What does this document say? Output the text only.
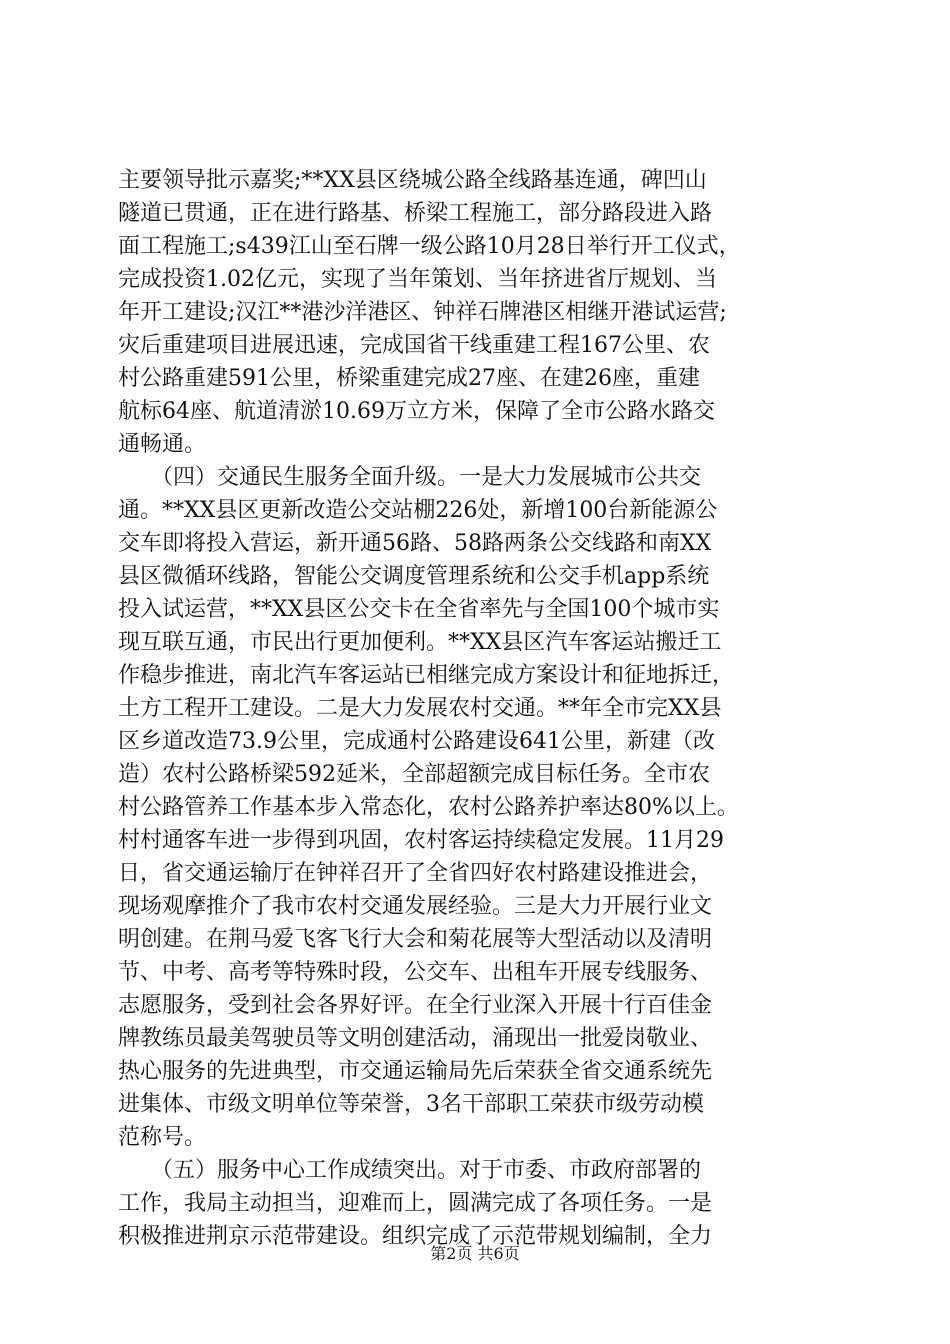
主要领导批示嘉奖;**XX县区绕城公路全线路基连通，碑凹山
隧道已贯通，正在进行路基、桥梁工程施工，部分路段进入路
面工程施工;s439江山至石牌一级公路10月28日举行开工仪式，
完成投资1.02亿元，实现了当年策划、当年挤进省厅规划、当
年开工建设;汉江**港沙洋港区、钟祥石牌港区相继开港试运营;
灾后重建项目进展迅速，完成国省干线重建工程167公里、农
村公路重建591公里，桥梁重建完成27座、在建26座，重建
航标64座、航道清淤10.69万立方米，保障了全市公路水路交
通畅通。
　　（四）交通民生服务全面升级。一是大力发展城市公共交
通。**XX县区更新改造公交站棚226处，新增100台新能源公
交车即将投入营运，新开通56路、58路两条公交线路和南XX
县区微循环线路，智能公交调度管理系统和公交手机app系统
投入试运营，**XX县区公交卡在全省率先与全国100个城市实
现互联互通，市民出行更加便利。**XX县区汽车客运站搬迁工
作稳步推进，南北汽车客运站已相继完成方案设计和征地拆迁，
土方工程开工建设。二是大力发展农村交通。**年全市完XX县
区乡道改造73.9公里，完成通村公路建设641公里，新建（改
造）农村公路桥梁592延米，全部超额完成目标任务。全市农
村公路管养工作基本步入常态化，农村公路养护率达80%以上。
村村通客车进一步得到巩固，农村客运持续稳定发展。11月29
日，省交通运输厅在钟祥召开了全省四好农村路建设推进会，
现场观摩推介了我市农村交通发展经验。三是大力开展行业文
明创建。在荆马爱飞客飞行大会和菊花展等大型活动以及清明
节、中考、高考等特殊时段，公交车、出租车开展专线服务、
志愿服务，受到社会各界好评。在全行业深入开展十行百佳金
牌教练员最美驾驶员等文明创建活动，涌现出一批爱岗敬业、
热心服务的先进典型，市交通运输局先后荣获全省交通系统先
进集体、市级文明单位等荣誉，3名干部职工荣获市级劳动模
范称号。
　　（五）服务中心工作成绩突出。对于市委、市政府部署的
工作，我局主动担当，迎难而上，圆满完成了各项任务。一是
积极推进荆京示范带建设。组织完成了示范带规划编制，全力
第2页 共6页
